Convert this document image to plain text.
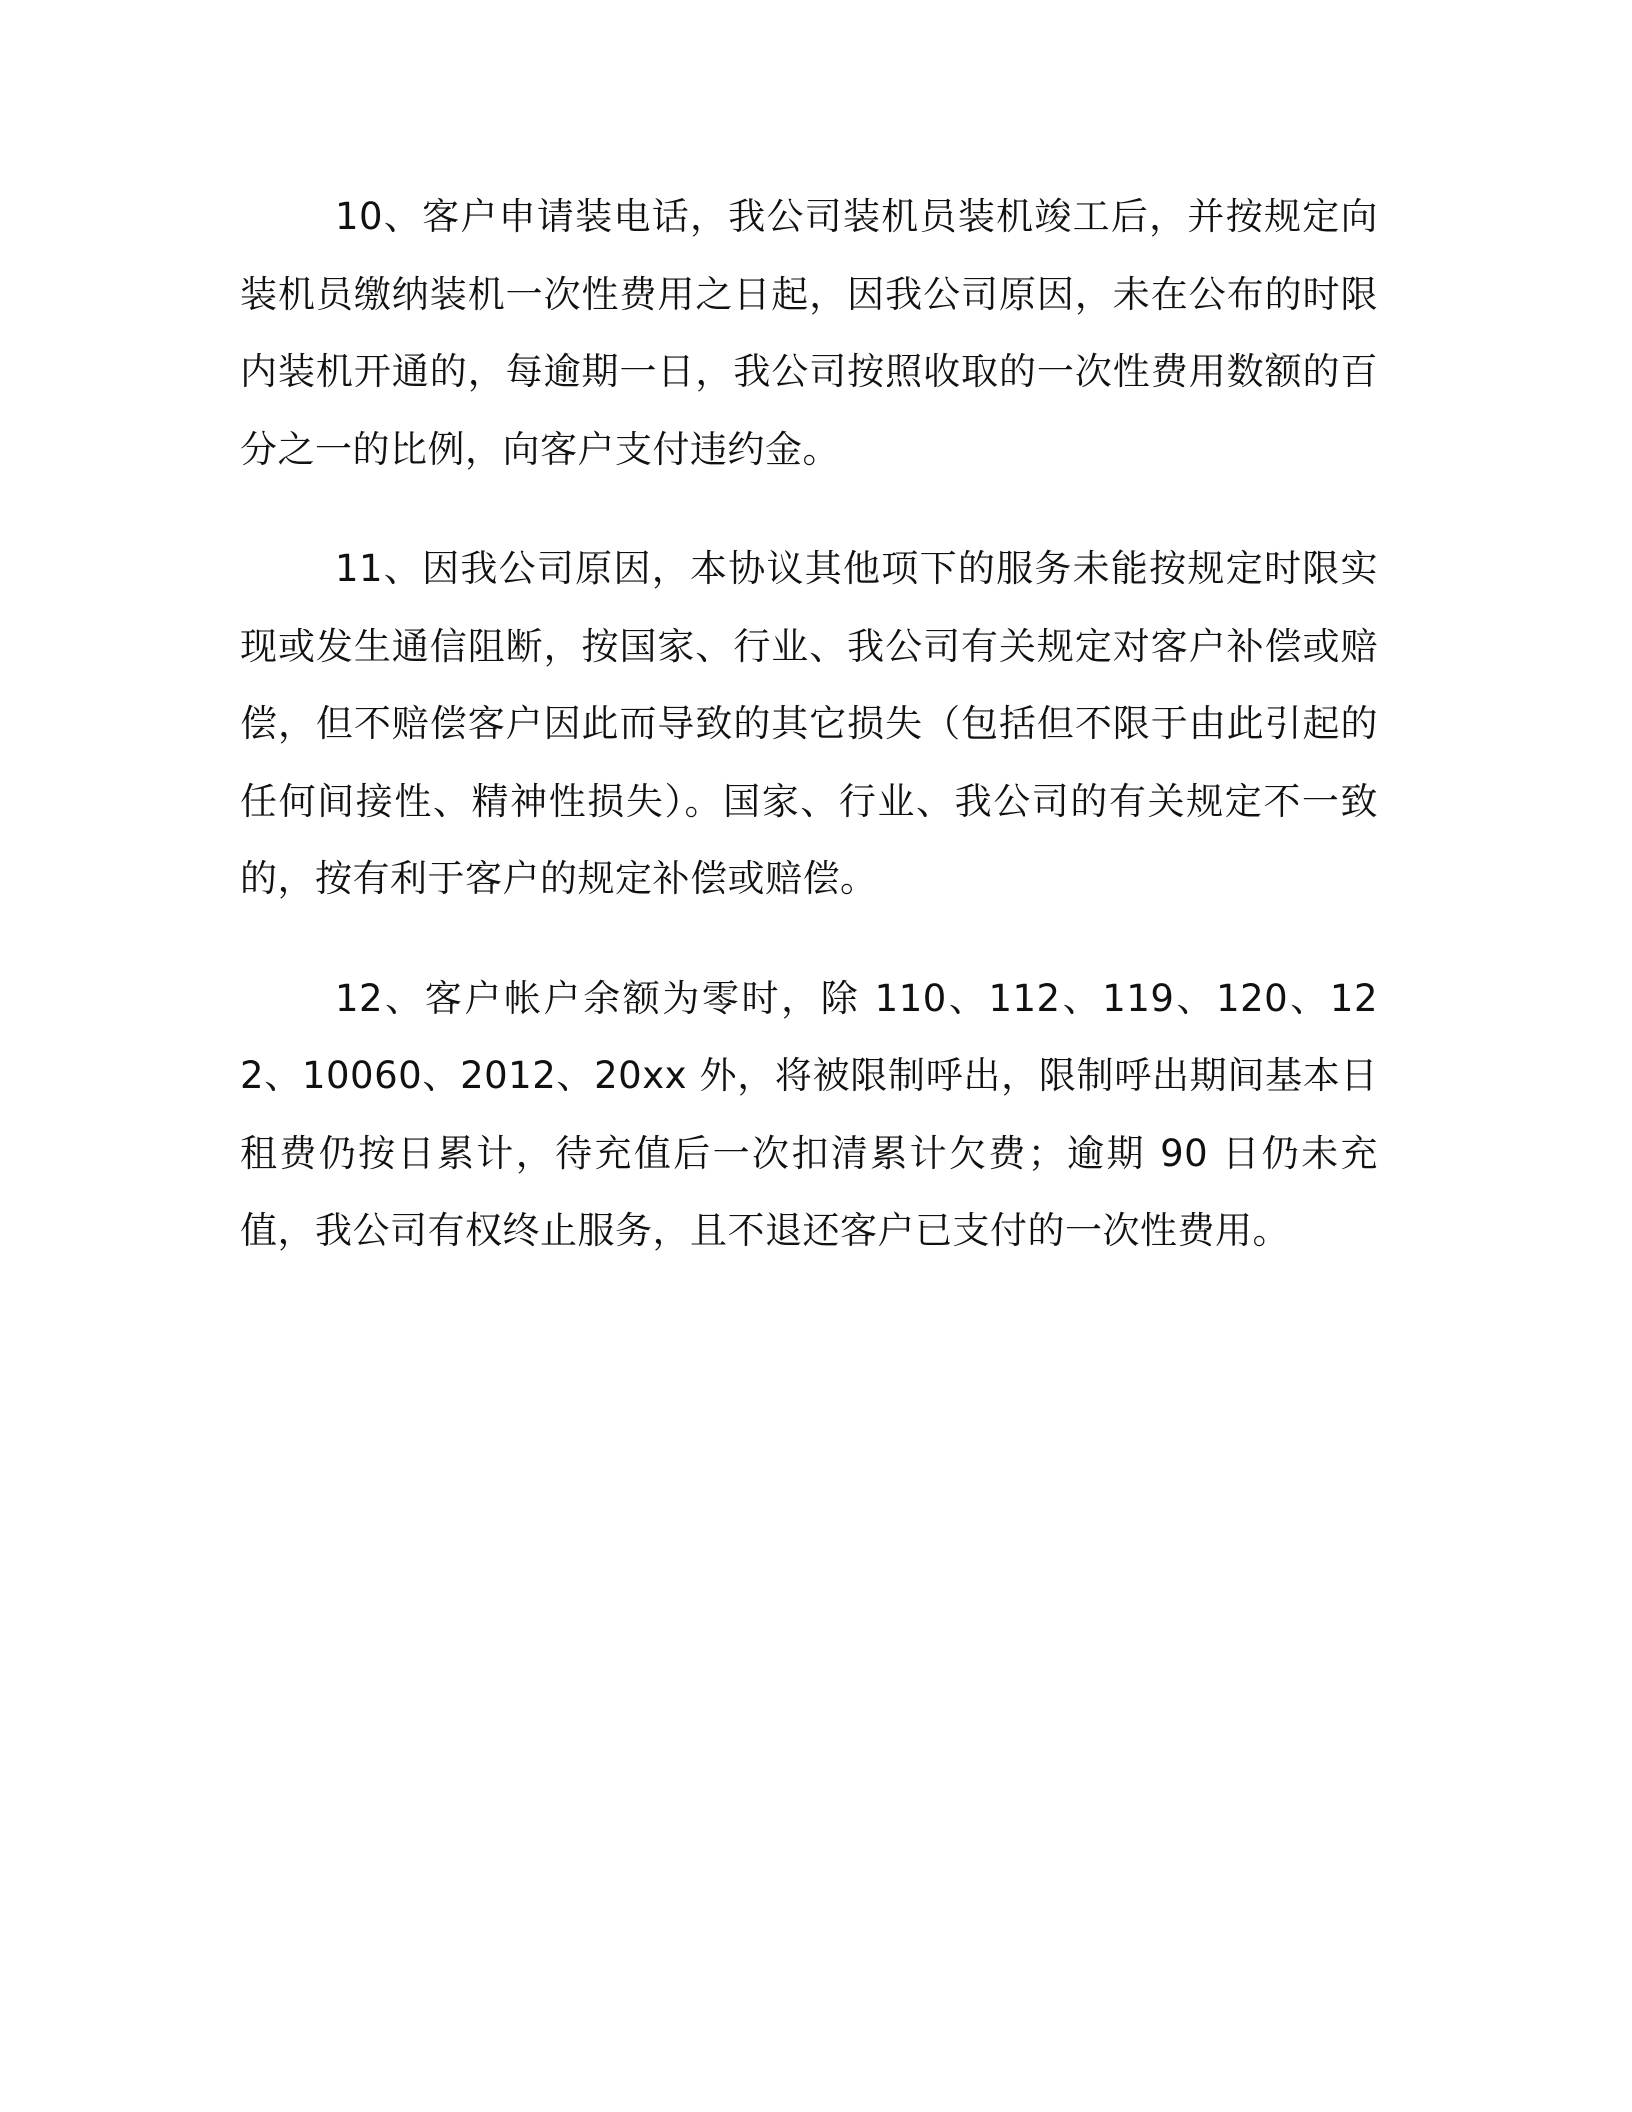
10、客户申请装电话，我公司装机员装机竣工后，并按规定向装机员缴纳装机一次性费用之日起，因我公司原因，未在公布的时限内装机开通的，每逾期一日，我公司按照收取的一次性费用数额的百分之一的比例，向客户支付违约金。

11、因我公司原因，本协议其他项下的服务未能按规定时限实现或发生通信阻断，按国家、行业、我公司有关规定对客户补偿或赔偿，但不赔偿客户因此而导致的其它损失（包括但不限于由此引起的任何间接性、精神性损失）。国家、行业、我公司的有关规定不一致的，按有利于客户的规定补偿或赔偿。

12、客户帐户余额为零时，除 110、112、119、120、122、10060、2012、20xx 外，将被限制呼出，限制呼出期间基本日租费仍按日累计，待充值后一次扣清累计欠费；逾期 90 日仍未充值，我公司有权终止服务，且不退还客户已支付的一次性费用。
